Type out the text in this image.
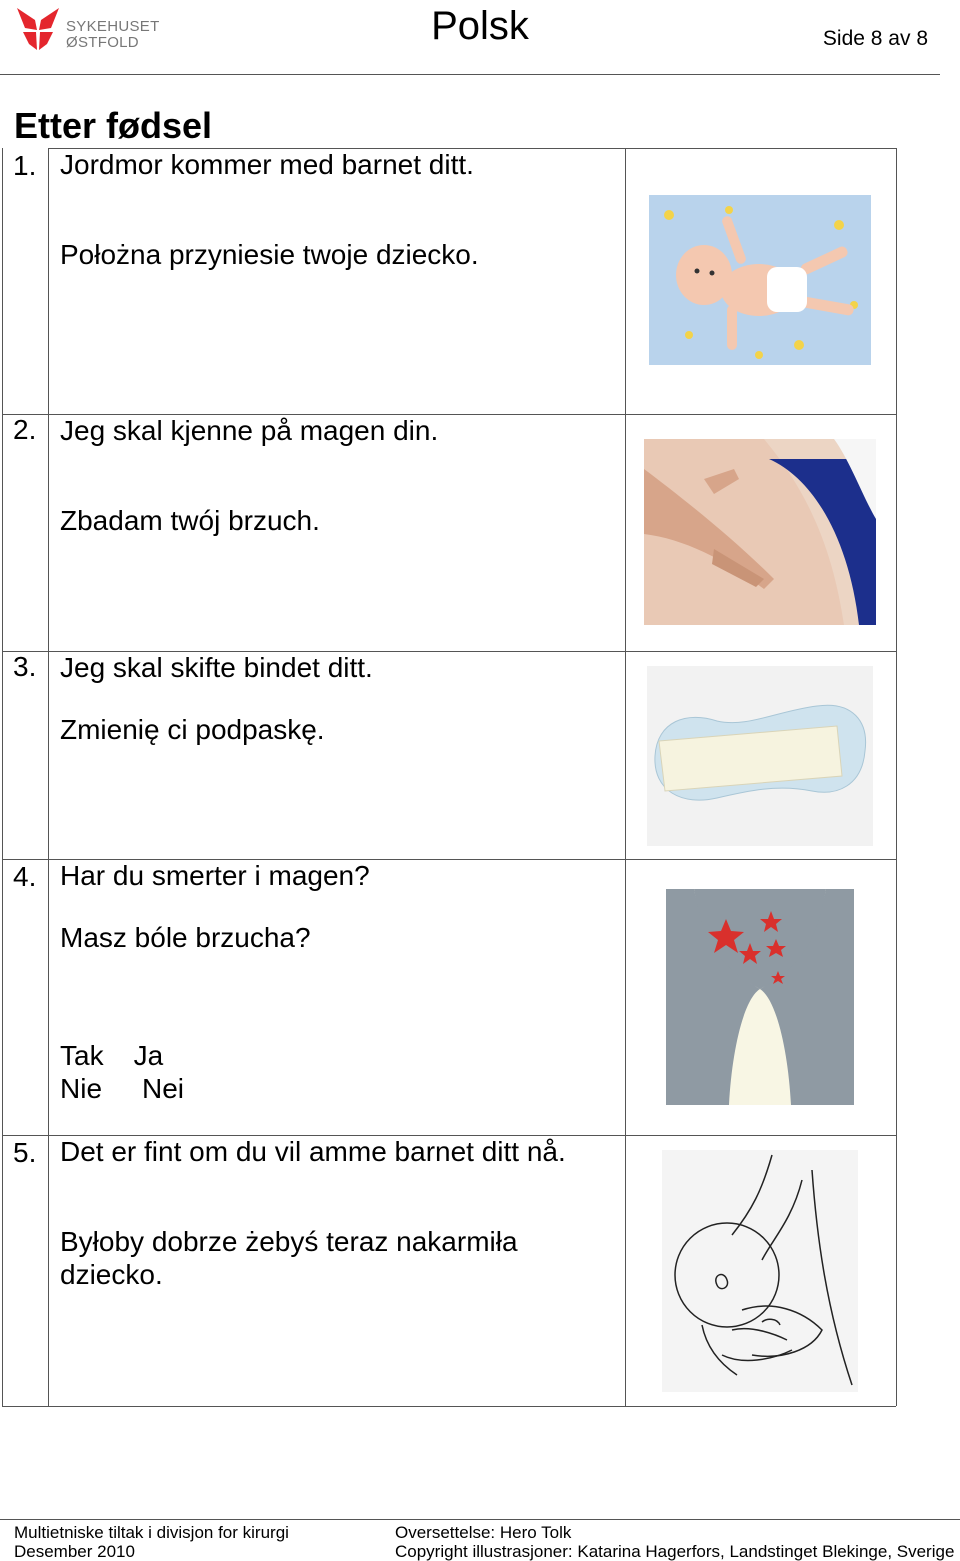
SYKEHUSET
ØSTFOLD	Polsk	Side 8 av 8
Etter fødsel
1. Jordmor kommer med barnet ditt.
Położna przyniesie twoje dziecko.
2. Jeg skal kjenne på magen din.
Zbadam twój brzuch.
3. Jeg skal skifte bindet ditt.
Zmienię ci podpaskę.
4. Har du smerter i magen?
Masz bóle brzucha?
Tak Ja
Nie Nei
5. Det er fint om du vil amme barnet ditt nå.
Byłoby dobrze żebyś teraz nakarmiła dziecko.
Multietniske tiltak i divisjon for kirurgi
Desember 2010
Oversettelse: Hero Tolk
Copyright illustrasjoner: Katarina Hagerfors, Landstinget Blekinge, Sverige
